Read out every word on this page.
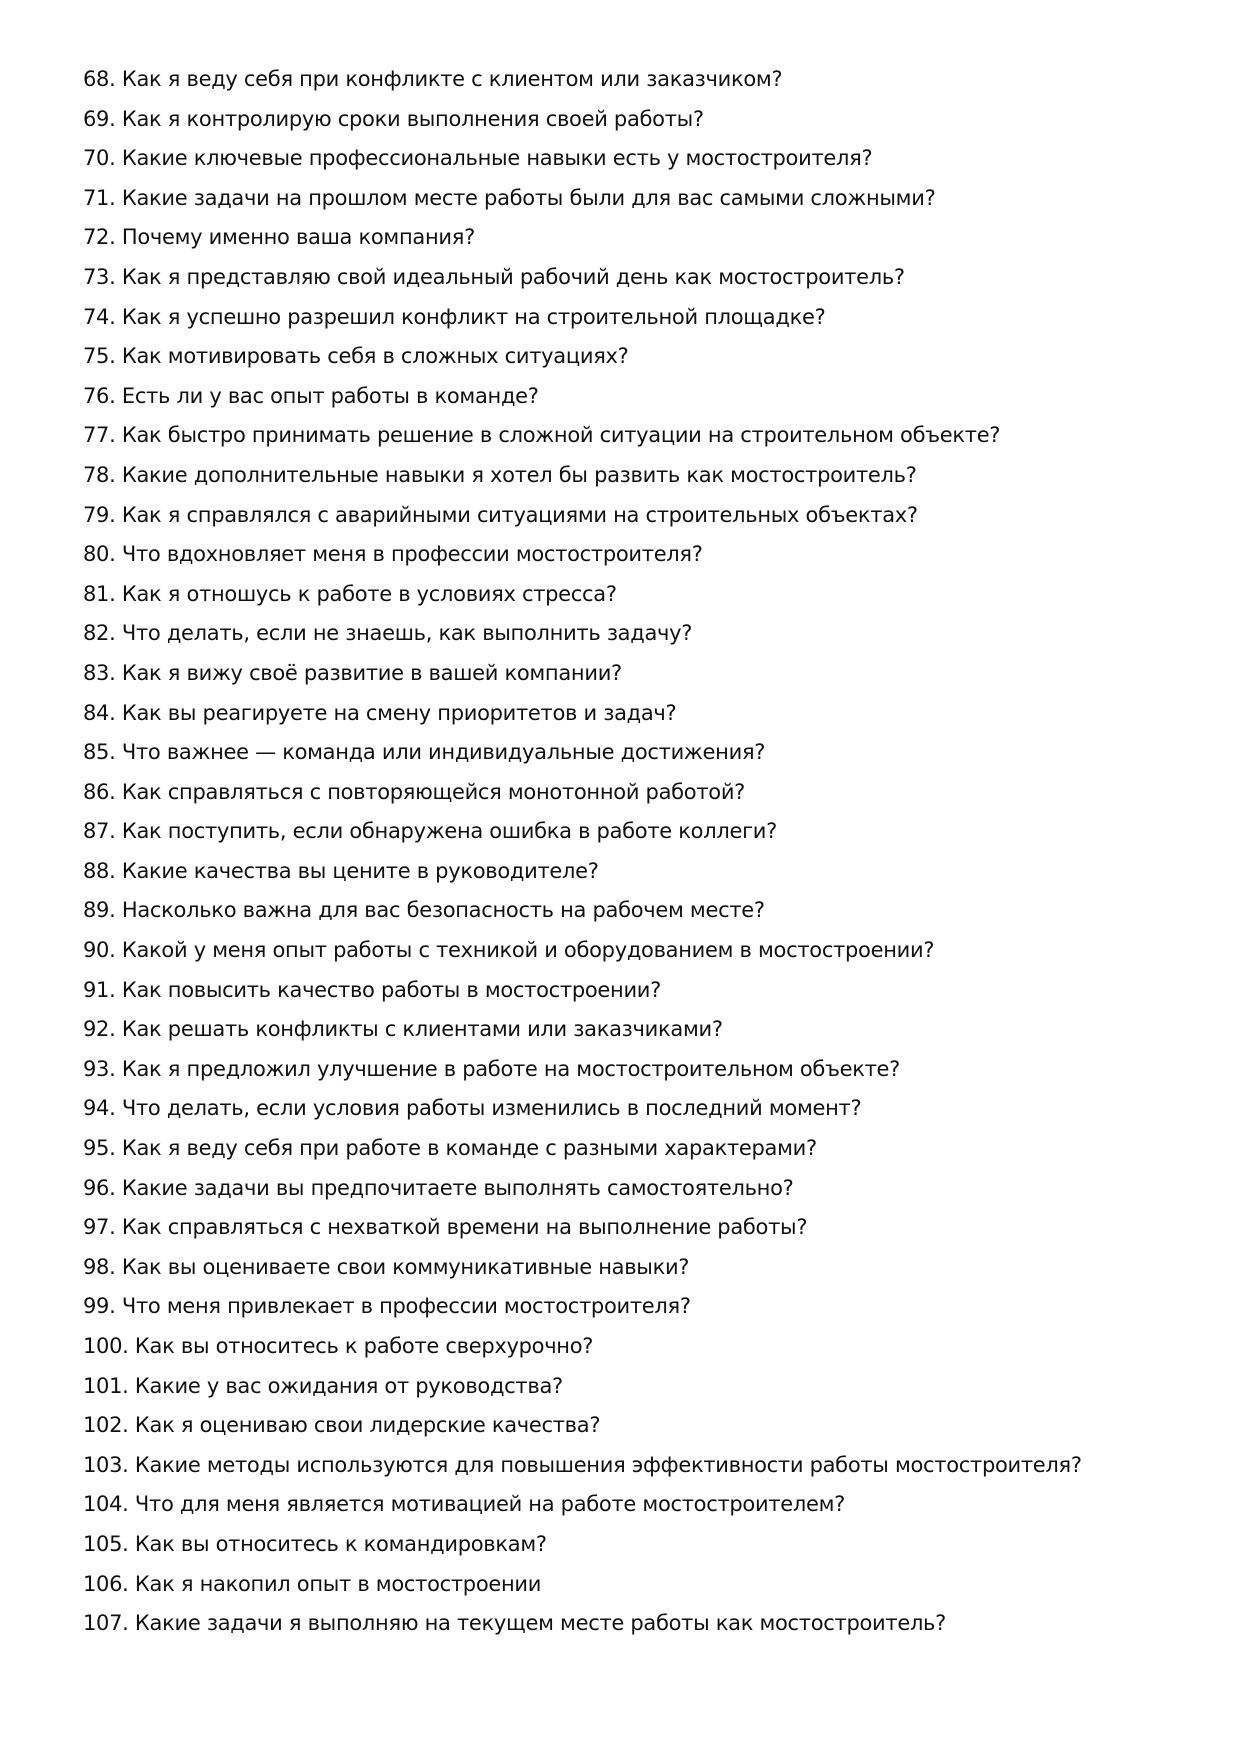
68. Как я веду себя при конфликте с клиентом или заказчиком?
69. Как я контролирую сроки выполнения своей работы?
70. Какие ключевые профессиональные навыки есть у мостостроителя?
71. Какие задачи на прошлом месте работы были для вас самыми сложными?
72. Почему именно ваша компания?
73. Как я представляю свой идеальный рабочий день как мостостроитель?
74. Как я успешно разрешил конфликт на строительной площадке?
75. Как мотивировать себя в сложных ситуациях?
76. Есть ли у вас опыт работы в команде?
77. Как быстро принимать решение в сложной ситуации на строительном объекте?
78. Какие дополнительные навыки я хотел бы развить как мостостроитель?
79. Как я справлялся с аварийными ситуациями на строительных объектах?
80. Что вдохновляет меня в профессии мостостроителя?
81. Как я отношусь к работе в условиях стресса?
82. Что делать, если не знаешь, как выполнить задачу?
83. Как я вижу своё развитие в вашей компании?
84. Как вы реагируете на смену приоритетов и задач?
85. Что важнее — команда или индивидуальные достижения?
86. Как справляться с повторяющейся монотонной работой?
87. Как поступить, если обнаружена ошибка в работе коллеги?
88. Какие качества вы цените в руководителе?
89. Насколько важна для вас безопасность на рабочем месте?
90. Какой у меня опыт работы с техникой и оборудованием в мостостроении?
91. Как повысить качество работы в мостостроении?
92. Как решать конфликты с клиентами или заказчиками?
93. Как я предложил улучшение в работе на мостостроительном объекте?
94. Что делать, если условия работы изменились в последний момент?
95. Как я веду себя при работе в команде с разными характерами?
96. Какие задачи вы предпочитаете выполнять самостоятельно?
97. Как справляться с нехваткой времени на выполнение работы?
98. Как вы оцениваете свои коммуникативные навыки?
99. Что меня привлекает в профессии мостостроителя?
100. Как вы относитесь к работе сверхурочно?
101. Какие у вас ожидания от руководства?
102. Как я оцениваю свои лидерские качества?
103. Какие методы используются для повышения эффективности работы мостостроителя?
104. Что для меня является мотивацией на работе мостостроителем?
105. Как вы относитесь к командировкам?
106. Как я накопил опыт в мостостроении
107. Какие задачи я выполняю на текущем месте работы как мостостроитель?
